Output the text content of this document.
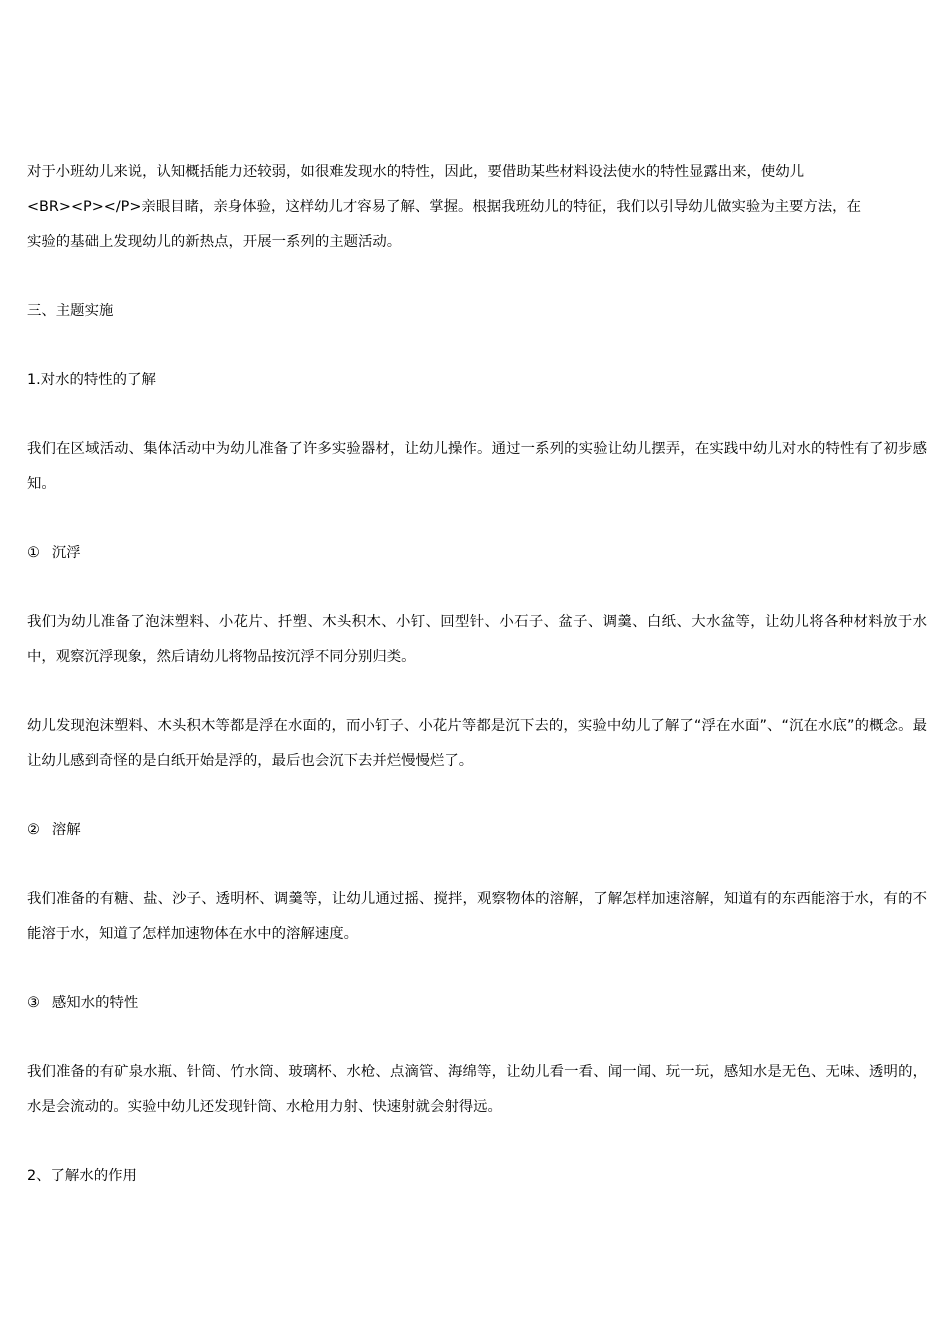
对于小班幼儿来说，认知概括能力还较弱，如很难发现水的特性，因此，要借助某些材料设法使水的特性显露出来，使幼儿
<BR><P></P>亲眼目睹，亲身体验，这样幼儿才容易了解、掌握。根据我班幼儿的特征，我们以引导幼儿做实验为主要方法，在
实验的基础上发现幼儿的新热点，开展一系列的主题活动。

三、主题实施

1.对水的特性的了解

我们在区域活动、集体活动中为幼儿准备了许多实验器材，让幼儿操作。通过一系列的实验让幼儿摆弄，在实践中幼儿对水的特性有了初步感知。

① 沉浮

我们为幼儿准备了泡沫塑料、小花片、扦塑、木头积木、小钉、回型针、小石子、盆子、调羹、白纸、大水盆等，让幼儿将各种材料放于水中，观察沉浮现象，然后请幼儿将物品按沉浮不同分别归类。

幼儿发现泡沫塑料、木头积木等都是浮在水面的，而小钉子、小花片等都是沉下去的，实验中幼儿了解了“浮在水面”、“沉在水底”的概念。最让幼儿感到奇怪的是白纸开始是浮的，最后也会沉下去并烂慢慢烂了。

② 溶解

我们准备的有糖、盐、沙子、透明杯、调羹等，让幼儿通过摇、搅拌，观察物体的溶解，了解怎样加速溶解，知道有的东西能溶于水，有的不能溶于水，知道了怎样加速物体在水中的溶解速度。

③ 感知水的特性

我们准备的有矿泉水瓶、针筒、竹水筒、玻璃杯、水枪、点滴管、海绵等，让幼儿看一看、闻一闻、玩一玩，感知水是无色、无味、透明的，水是会流动的。实验中幼儿还发现针筒、水枪用力射、快速射就会射得远。

2、了解水的作用
